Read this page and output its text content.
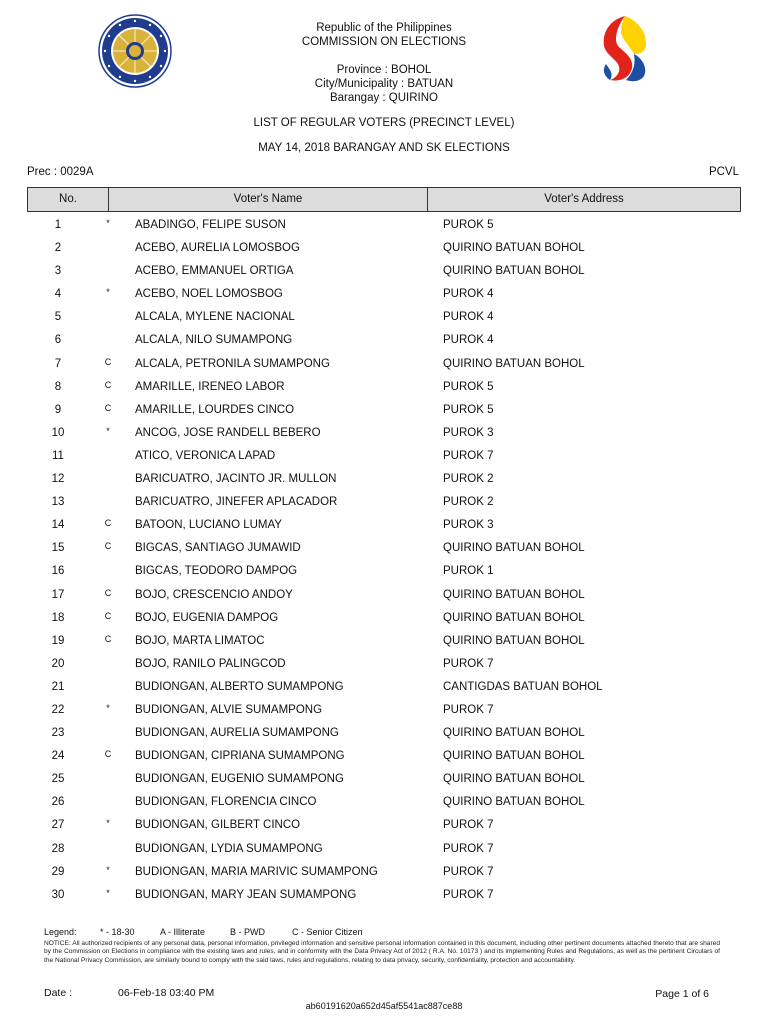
Republic of the Philippines
COMMISSION ON ELECTIONS
Province : BOHOL
City/Municipality : BATUAN
Barangay : QUIRINO
LIST OF REGULAR VOTERS (PRECINCT LEVEL)
MAY 14, 2018 BARANGAY AND SK ELECTIONS
Prec : 0029A	PCVL
No.	Voter's Name	Voter's Address
1	* ABADINGO, FELIPE SUSON	PUROK 5
2	ACEBO, AURELIA LOMOSBOG	QUIRINO BATUAN BOHOL
3	ACEBO, EMMANUEL ORTIGA	QUIRINO BATUAN BOHOL
4	* ACEBO, NOEL LOMOSBOG	PUROK 4
5	ALCALA, MYLENE NACIONAL	PUROK 4
6	ALCALA, NILO SUMAMPONG	PUROK 4
7	C ALCALA, PETRONILA SUMAMPONG	QUIRINO BATUAN BOHOL
8	C AMARILLE, IRENEO LABOR	PUROK 5
9	C AMARILLE, LOURDES CINCO	PUROK 5
10	* ANCOG, JOSE RANDELL BEBERO	PUROK 3
11	ATICO, VERONICA LAPAD	PUROK 7
12	BARICUATRO, JACINTO JR. MULLON	PUROK 2
13	BARICUATRO, JINEFER APLACADOR	PUROK 2
14	C BATOON, LUCIANO LUMAY	PUROK 3
15	C BIGCAS, SANTIAGO JUMAWID	QUIRINO BATUAN BOHOL
16	BIGCAS, TEODORO DAMPOG	PUROK 1
17	C BOJO, CRESCENCIO ANDOY	QUIRINO BATUAN BOHOL
18	C BOJO, EUGENIA DAMPOG	QUIRINO BATUAN BOHOL
19	C BOJO, MARTA LIMATOC	QUIRINO BATUAN BOHOL
20	BOJO, RANILO PALINGCOD	PUROK 7
21	BUDIONGAN, ALBERTO SUMAMPONG	CANTIGDAS BATUAN BOHOL
22	* BUDIONGAN, ALVIE SUMAMPONG	PUROK 7
23	BUDIONGAN, AURELIA SUMAMPONG	QUIRINO BATUAN BOHOL
24	C BUDIONGAN, CIPRIANA SUMAMPONG	QUIRINO BATUAN BOHOL
25	BUDIONGAN, EUGENIO SUMAMPONG	QUIRINO BATUAN BOHOL
26	BUDIONGAN, FLORENCIA CINCO	QUIRINO BATUAN BOHOL
27	* BUDIONGAN, GILBERT CINCO	PUROK 7
28	BUDIONGAN, LYDIA SUMAMPONG	PUROK 7
29	* BUDIONGAN, MARIA MARIVIC SUMAMPONG	PUROK 7
30	* BUDIONGAN, MARY JEAN SUMAMPONG	PUROK 7
Legend:	* - 18-30	A - Illiterate	B - PWD	C - Senior Citizen
NOTICE: All authorized recipients of any personal data, personal information, privileged information and sensitive personal information contained in this document, including other pertinent documents attached thereto that are shared by the Commission on Elections in compliance with the existing laws and rules, and in conformity with the Data Privacy Act of 2012 ( R.A. No. 10173 ) and its implementing Rules and Regulations, as well as the pertinent Circulars of the National Privacy Commission, are similarly bound to comply with the said laws, rules and regulations, relating to data privacy, security, confidentiality, protection and accountability.
Date :	06-Feb-18 03:40 PM	Page 1 of 6
ab60191620a652d45af5541ac887ce88
